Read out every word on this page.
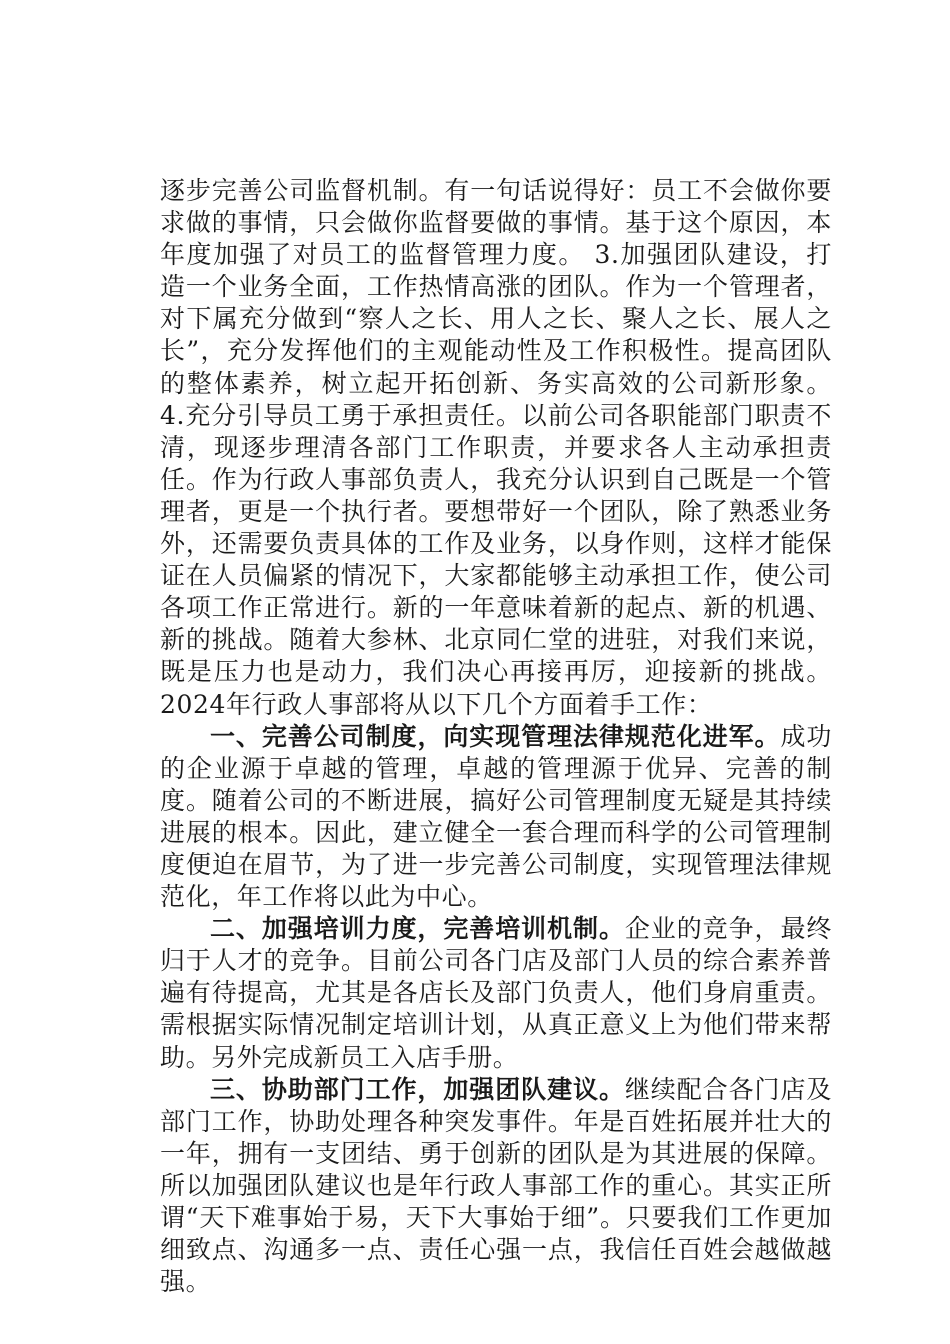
逐步完善公司监督机制。有一句话说得好：员工不会做你要求做的事情，只会做你监督要做的事情。基于这个原因，本年度加强了对员工的监督管理力度。 3.加强团队建设，打造一个业务全面，工作热情高涨的团队。作为一个管理者，对下属充分做到“察人之长、用人之长、聚人之长、展人之长”，充分发挥他们的主观能动性及工作积极性。提高团队的整体素养，树立起开拓创新、务实高效的公司新形象。 4.充分引导员工勇于承担责任。以前公司各职能部门职责不清，现逐步理清各部门工作职责，并要求各人主动承担责任。作为行政人事部负责人，我充分认识到自己既是一个管理者，更是一个执行者。要想带好一个团队，除了熟悉业务外，还需要负责具体的工作及业务，以身作则，这样才能保证在人员偏紧的情况下，大家都能够主动承担工作，使公司各项工作正常进行。新的一年意味着新的起点、新的机遇、新的挑战。随着大参林、北京同仁堂的进驻，对我们来说，既是压力也是动力，我们决心再接再厉，迎接新的挑战。2024年行政人事部将从以下几个方面着手工作：

一、完善公司制度，向实现管理法律规范化进军。成功的企业源于卓越的管理，卓越的管理源于优异、完善的制度。随着公司的不断进展，搞好公司管理制度无疑是其持续进展的根本。因此，建立健全一套合理而科学的公司管理制度便迫在眉节，为了进一步完善公司制度，实现管理法律规范化，年工作将以此为中心。

二、加强培训力度，完善培训机制。企业的竞争，最终归于人才的竞争。目前公司各门店及部门人员的综合素养普遍有待提高，尤其是各店长及部门负责人，他们身肩重责。需根据实际情况制定培训计划，从真正意义上为他们带来帮助。另外完成新员工入店手册。

三、协助部门工作，加强团队建议。继续配合各门店及部门工作，协助处理各种突发事件。年是百姓拓展并壮大的一年，拥有一支团结、勇于创新的团队是为其进展的保障。所以加强团队建议也是年行政人事部工作的重心。其实正所谓“天下难事始于易，天下大事始于细”。只要我们工作更加细致点、沟通多一点、责任心强一点，我信任百姓会越做越强。
